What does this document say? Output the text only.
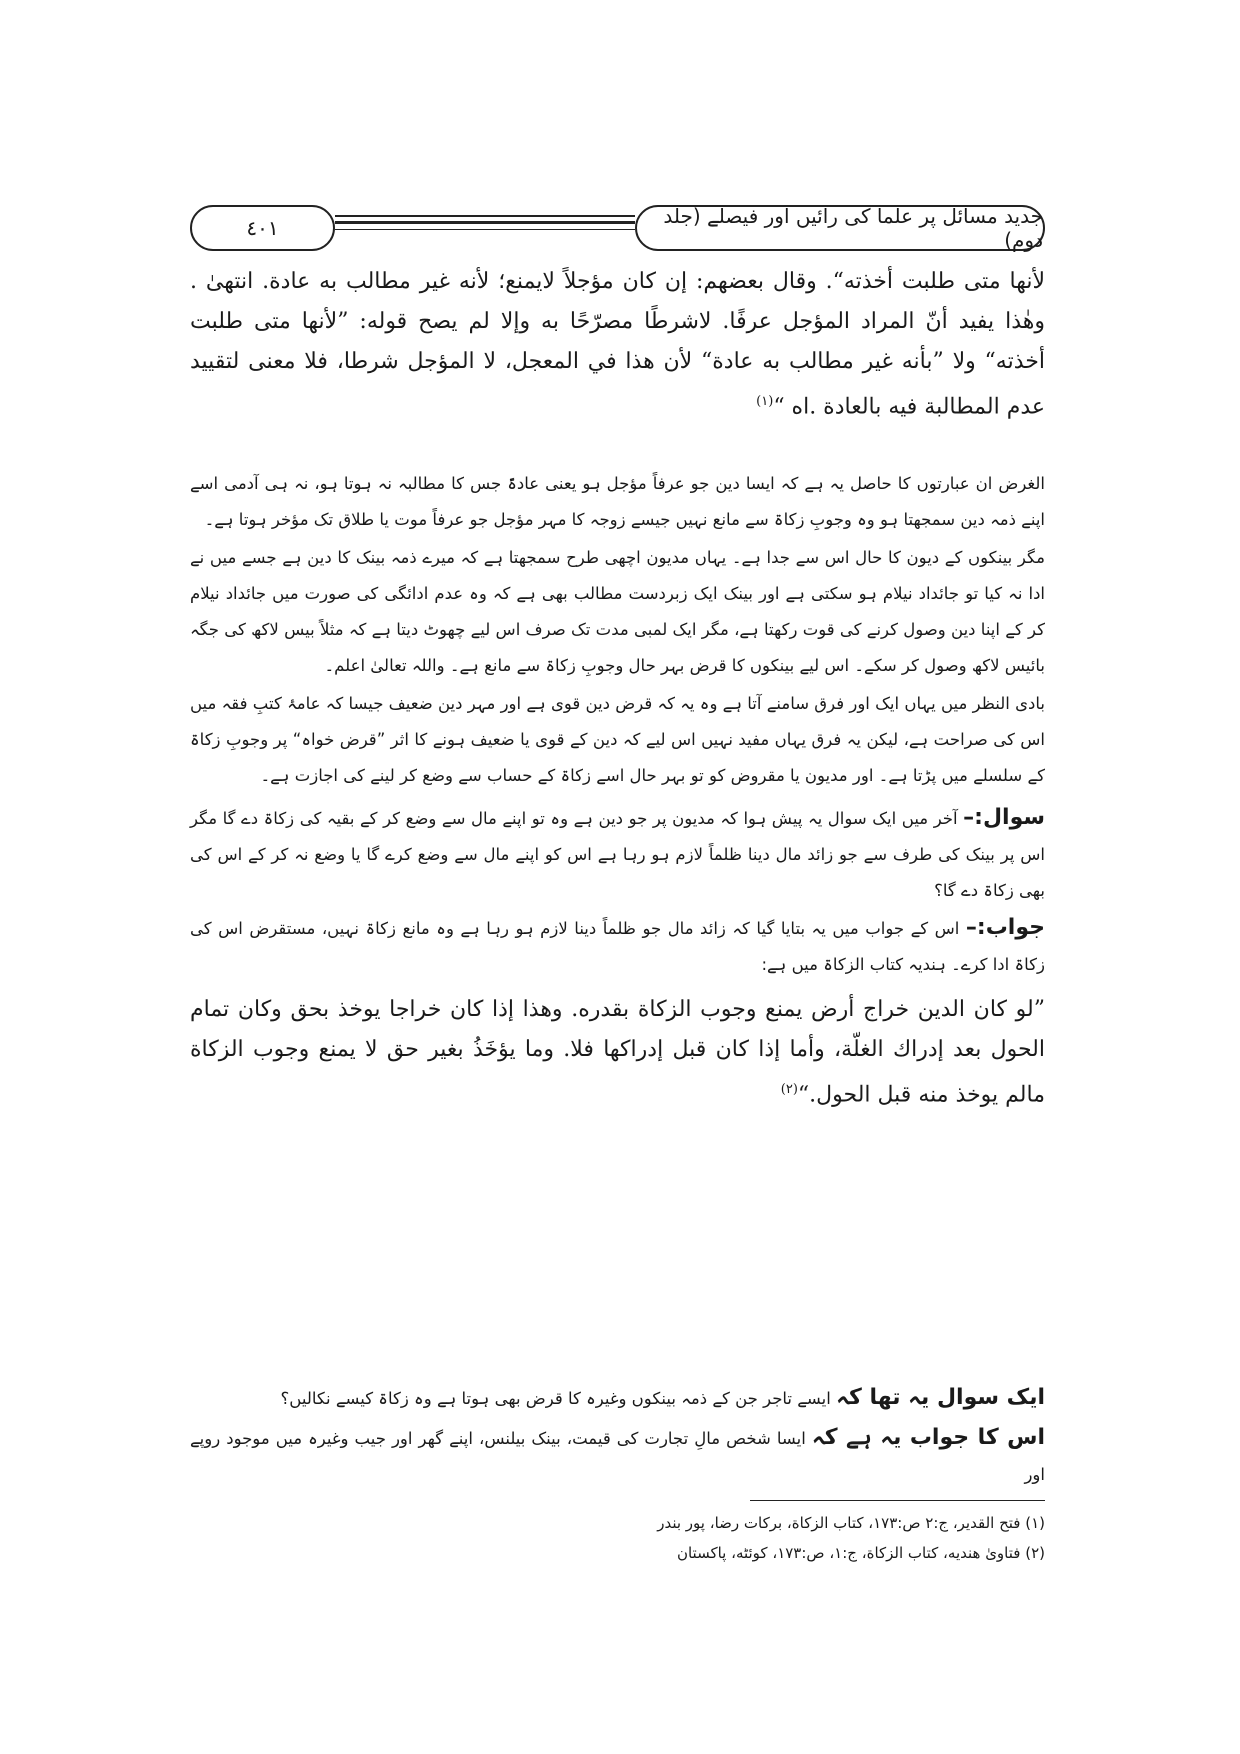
٤٠١	جدید مسائل پر علما کی رائیں اور فیصلے (جلد دوم)
لأنها متى طلبت أخذته“. وقال بعضهم: إن كان مؤجلاً لايمنع؛ لأنه غير مطالب به عادة. انتهىٰ . وهٰذا يفيد أنّ المراد المؤجل عرفًا. لاشرطًا مصرّحًا به وإلا لم يصح قوله: ”لأنها متى طلبت أخذته“ ولا ”بأنه غير مطالب به عادة“ لأن هذا في المعجل، لا المؤجل شرطا، فلا معنى لتقييد عدم المطالبة فيه بالعادة .اه “$^{(١)}$
الغرض ان عبارتوں کا حاصل یہ ہے کہ ایسا دین جو عرفاً مؤجل ہو یعنی عادۃً جس کا مطالبہ نہ ہوتا ہو، نہ ہی آدمی اسے اپنے ذمہ دین سمجھتا ہو وہ وجوبِ زکاۃ سے مانع نہیں جیسے زوجہ کا مہر مؤجل جو عرفاً موت یا طلاق تک مؤخر ہوتا ہے۔
مگر بینکوں کے دیون کا حال اس سے جدا ہے۔ یہاں مدیون اچھی طرح سمجھتا ہے کہ میرے ذمہ بینک کا دین ہے جسے میں نے ادا نہ کیا تو جائداد نیلام ہو سکتی ہے اور بینک ایک زبردست مطالب بھی ہے کہ وہ عدم ادائگی کی صورت میں جائداد نیلام کر کے اپنا دین وصول کرنے کی قوت رکھتا ہے، مگر ایک لمبی مدت تک صرف اس لیے چھوٹ دیتا ہے کہ مثلاً بیس لاکھ کی جگہ بائیس لاکھ وصول کر سکے۔ اس لیے بینکوں کا قرض بہر حال وجوبِ زکاۃ سے مانع ہے۔ واللہ تعالیٰ اعلم۔
بادی النظر میں یہاں ایک اور فرق سامنے آتا ہے وہ یہ کہ قرض دین قوی ہے اور مہر دین ضعیف جیسا کہ عامۂ کتبِ فقہ میں اس کی صراحت ہے، لیکن یہ فرق یہاں مفید نہیں اس لیے کہ دین کے قوی یا ضعیف ہونے کا اثر ”قرض خواہ“ پر وجوبِ زکاۃ کے سلسلے میں پڑتا ہے۔ اور مدیون یا مقروض کو تو بہر حال اسے زکاۃ کے حساب سے وضع کر لینے کی اجازت ہے۔
سوال:– آخر میں ایک سوال یہ پیش ہوا کہ مدیون پر جو دین ہے وہ تو اپنے مال سے وضع کر کے بقیہ کی زکاۃ دے گا مگر اس پر بینک کی طرف سے جو زائد مال دینا ظلماً لازم ہو رہا ہے اس کو اپنے مال سے وضع کرے گا یا وضع نہ کر کے اس کی بھی زکاۃ دے گا؟
جواب:– اس کے جواب میں یہ بتایا گیا کہ زائد مال جو ظلماً دینا لازم ہو رہا ہے وہ مانع زکاۃ نہیں، مستقرض اس کی زکاۃ ادا کرے۔ ہندیہ کتاب الزکاۃ میں ہے:
”لو كان الدين خراج أرض يمنع وجوب الزكاة بقدره. وهذا إذا كان خراجا يوخذ بحق وكان تمام الحول بعد إدراك الغلّة، وأما إذا كان قبل إدراكها فلا. وما يؤخَذُ بغير حق لا يمنع وجوب الزكاة مالم يوخذ منه قبل الحول.“$^{(٢)}$
ایک سوال یہ تھا کہ ایسے تاجر جن کے ذمہ بینکوں وغیرہ کا قرض بھی ہوتا ہے وہ زکاۃ کیسے نکالیں؟
اس کا جواب یہ ہے کہ ایسا شخص مالِ تجارت کی قیمت، بینک بیلنس، اپنے گھر اور جیب وغیرہ میں موجود روپے اور
(١) فتح القدير، ج:٢ ص:١٧٣، كتاب الزكاة، بركات رضا، پور بندر
(٢) فتاویٰ هنديه، كتاب الزكاة، ج:١، ص:١٧٣، كوئٹه، پاكستان
